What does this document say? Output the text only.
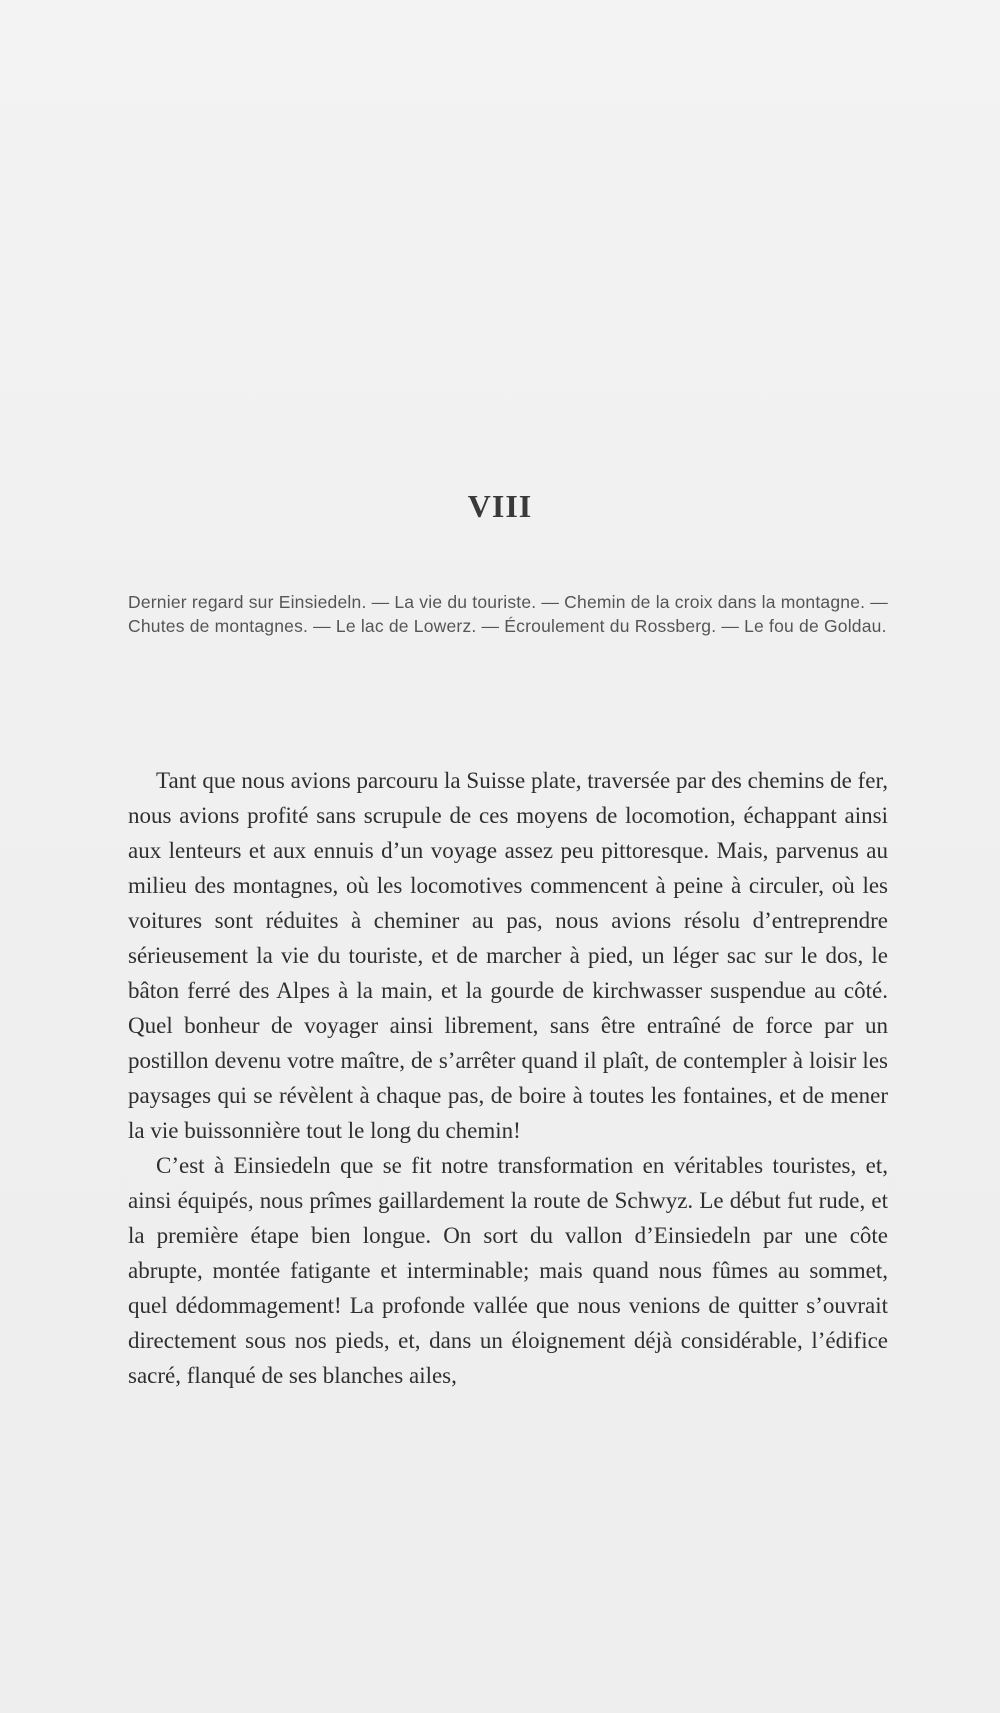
VIII

Dernier regard sur Einsiedeln. — La vie du touriste. — Chemin de la croix dans la montagne. — Chutes de montagnes. — Le lac de Lowerz. — Écroulement du Rossberg. — Le fou de Goldau.

Tant que nous avions parcouru la Suisse plate, traversée par des chemins de fer, nous avions profité sans scrupule de ces moyens de locomotion, échappant ainsi aux lenteurs et aux ennuis d’un voyage assez peu pittoresque. Mais, parvenus au milieu des montagnes, où les locomotives commencent à peine à circuler, où les voitures sont réduites à cheminer au pas, nous avions résolu d’entreprendre sérieusement la vie du touriste, et de marcher à pied, un léger sac sur le dos, le bâton ferré des Alpes à la main, et la gourde de kirchwasser suspendue au côté. Quel bonheur de voyager ainsi librement, sans être entraîné de force par un postillon devenu votre maître, de s’arrêter quand il plaît, de contempler à loisir les paysages qui se révèlent à chaque pas, de boire à toutes les fontaines, et de mener la vie buissonnière tout le long du chemin!

C’est à Einsiedeln que se fit notre transformation en véritables touristes, et, ainsi équipés, nous prîmes gaillardement la route de Schwyz. Le début fut rude, et la première étape bien longue. On sort du vallon d’Einsiedeln par une côte abrupte, montée fatigante et interminable; mais quand nous fûmes au sommet, quel dédommagement! La profonde vallée que nous venions de quitter s’ouvrait directement sous nos pieds, et, dans un éloignement déjà considérable, l’édifice sacré, flanqué de ses blanches ailes,
